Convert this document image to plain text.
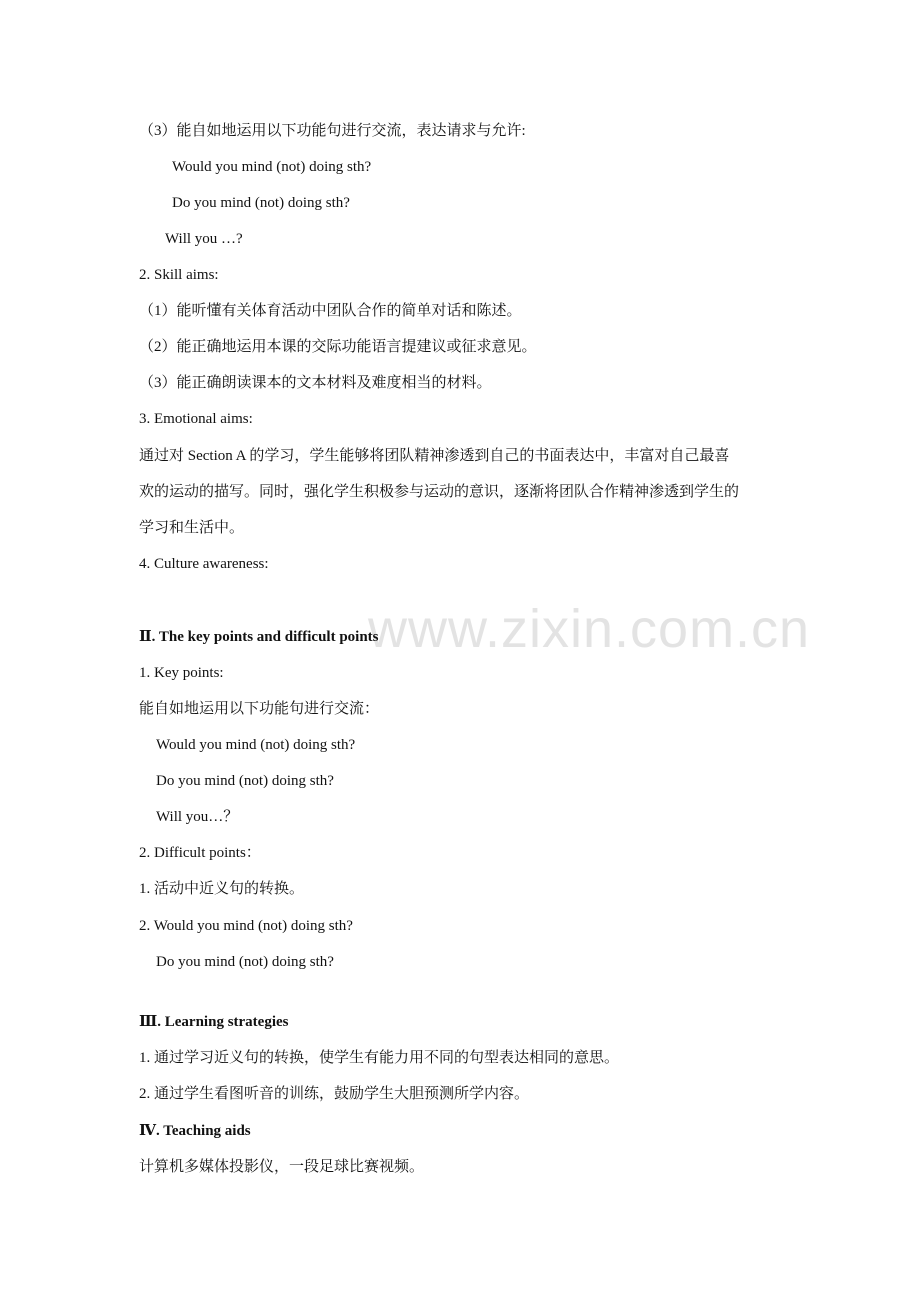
www.zixin.com.cn
（3）能自如地运用以下功能句进行交流，表达请求与允许:
Would you mind (not) doing sth?
Do you mind (not) doing sth?
Will you …?
2. Skill aims:
（1）能听懂有关体育活动中团队合作的简单对话和陈述。
（2）能正确地运用本课的交际功能语言提建议或征求意见。
（3）能正确朗读课本的文本材料及难度相当的材料。
3. Emotional aims:
通过对 Section A 的学习，学生能够将团队精神渗透到自己的书面表达中，丰富对自己最喜
欢的运动的描写。同时，强化学生积极参与运动的意识，逐渐将团队合作精神渗透到学生的
学习和生活中。
4. Culture awareness:
Ⅱ. The key points and difficult points
1. Key points:
能自如地运用以下功能句进行交流：
Would you mind (not) doing sth?
Do you mind (not) doing sth?
Will you…？
2. Difficult points：
1. 活动中近义句的转换。
2. Would you mind (not) doing sth?
Do you mind (not) doing sth?
Ⅲ. Learning strategies
1. 通过学习近义句的转换，使学生有能力用不同的句型表达相同的意思。
2. 通过学生看图听音的训练，鼓励学生大胆预测所学内容。
Ⅳ. Teaching aids
计算机多媒体投影仪，一段足球比赛视频。
